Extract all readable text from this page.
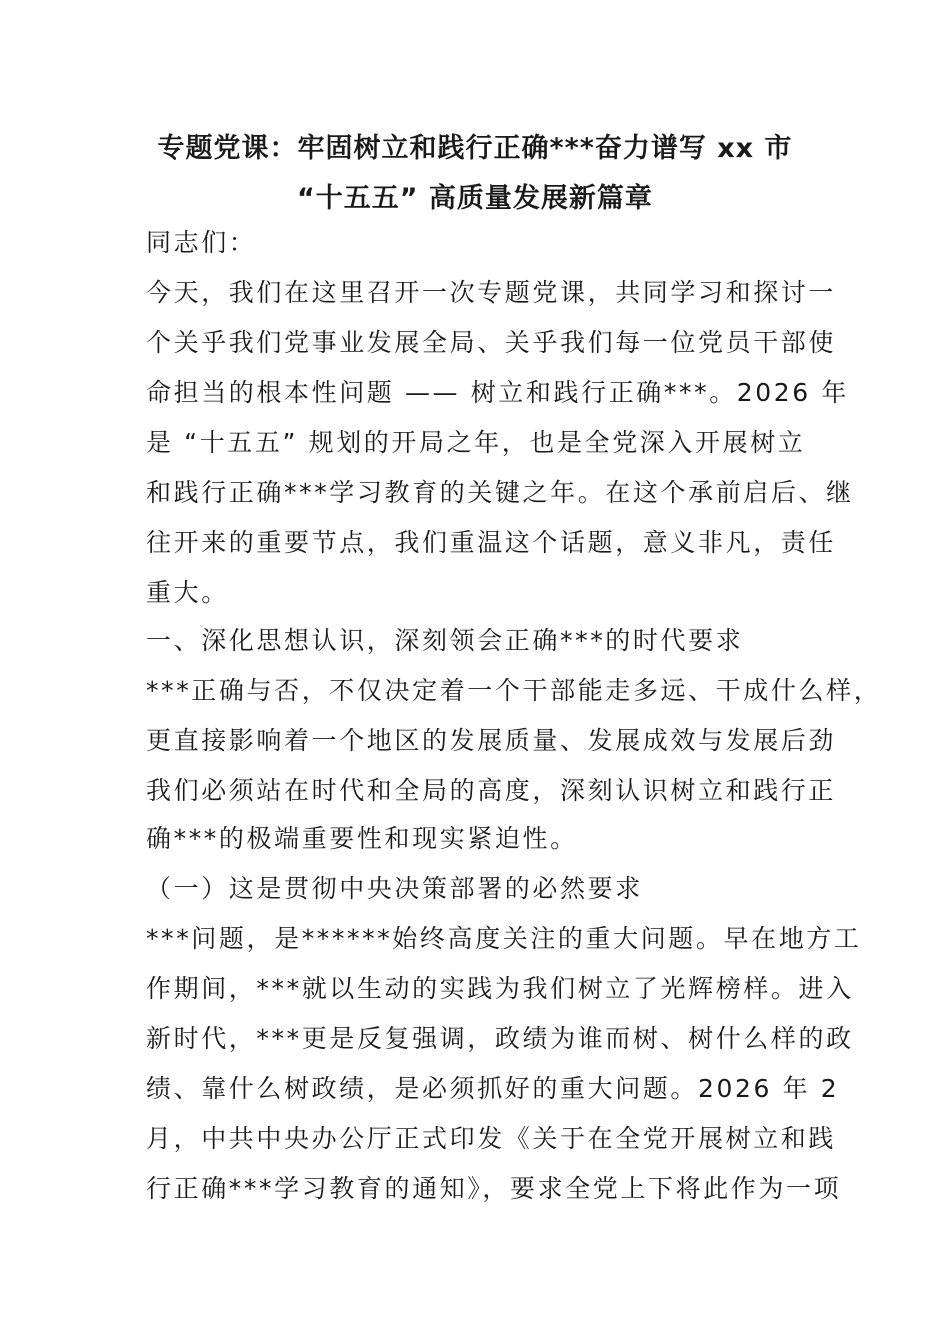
专题党课：牢固树立和践行正确***奋力谱写 xx 市
“十五五” 高质量发展新篇章
同志们：
今天，我们在这里召开一次专题党课，共同学习和探讨一
个关乎我们党事业发展全局、关乎我们每一位党员干部使
命担当的根本性问题 —— 树立和践行正确***。2026 年
是 “十五五” 规划的开局之年，也是全党深入开展树立
和践行正确***学习教育的关键之年。在这个承前启后、继
往开来的重要节点，我们重温这个话题，意义非凡，责任
重大。
一、深化思想认识，深刻领会正确***的时代要求
***正确与否，不仅决定着一个干部能走多远、干成什么样，
更直接影响着一个地区的发展质量、发展成效与发展后劲
我们必须站在时代和全局的高度，深刻认识树立和践行正
确***的极端重要性和现实紧迫性。
（一）这是贯彻中央决策部署的必然要求
***问题，是******始终高度关注的重大问题。早在地方工
作期间，***就以生动的实践为我们树立了光辉榜样。进入
新时代，***更是反复强调，政绩为谁而树、树什么样的政
绩、靠什么树政绩，是必须抓好的重大问题。2026 年 2
月，中共中央办公厅正式印发《关于在全党开展树立和践
行正确***学习教育的通知》，要求全党上下将此作为一项
